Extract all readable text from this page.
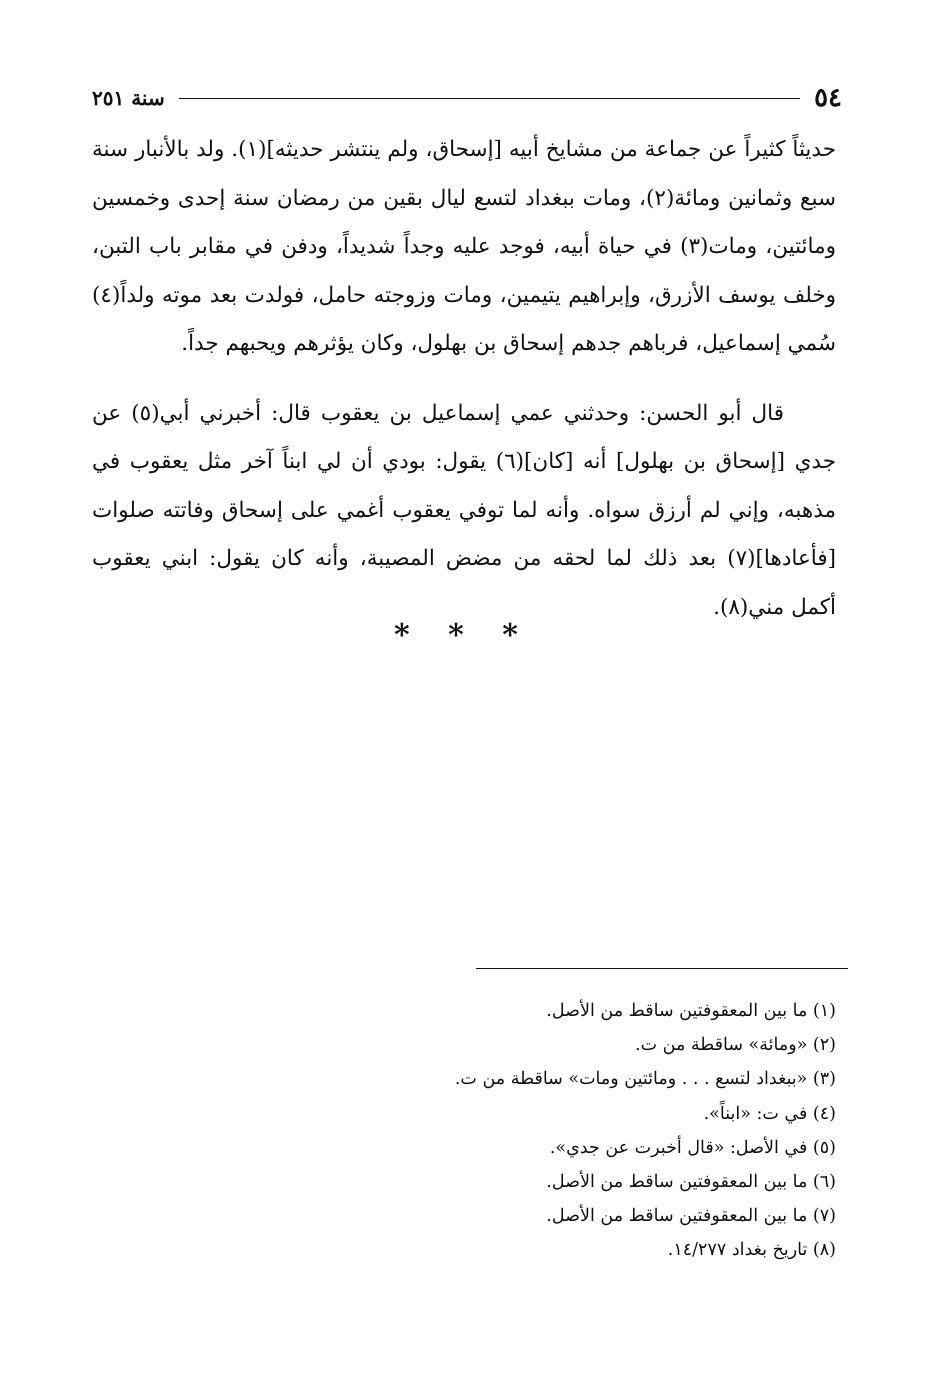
٥٤
سنة ٢٥١

حديثاً كثيراً عن جماعة من مشايخ أبيه [إسحاق، ولم ينتشر حديثه](١). ولد بالأنبار سنة سبع وثمانين ومائة(٢)، ومات ببغداد لتسع ليال بقين من رمضان سنة إحدى وخمسين ومائتين، ومات(٣) في حياة أبيه، فوجد عليه وجداً شديداً، ودفن في مقابر باب التبن، وخلف يوسف الأزرق، وإبراهيم يتيمين، ومات وزوجته حامل، فولدت بعد موته ولداً(٤) سُمي إسماعيل، فرباهم جدهم إسحاق بن بهلول، وكان يؤثرهم ويحبهم جداً.

قال أبو الحسن: وحدثني عمي إسماعيل بن يعقوب قال: أخبرني أبي(٥) عن جدي [إسحاق بن بهلول] أنه [كان](٦) يقول: بودي أن لي ابناً آخر مثل يعقوب في مذهبه، وإني لم أرزق سواه. وأنه لما توفي يعقوب أغمي على إسحاق وفاتته صلوات [فأعادها](٧) بعد ذلك لما لحقه من مضض المصيبة، وأنه كان يقول: ابني يعقوب أكمل مني(٨).

* * *
(١) ما بين المعقوفتين ساقط من الأصل.
(٢) «ومائة» ساقطة من ت.
(٣) «ببغداد لتسع . . . ومائتين ومات» ساقطة من ت.
(٤) في ت: «ابناً».
(٥) في الأصل: «قال أخبرت عن جدي».
(٦) ما بين المعقوفتين ساقط من الأصل.
(٧) ما بين المعقوفتين ساقط من الأصل.
(٨) تاريخ بغداد ١٤/٢٧٧.
